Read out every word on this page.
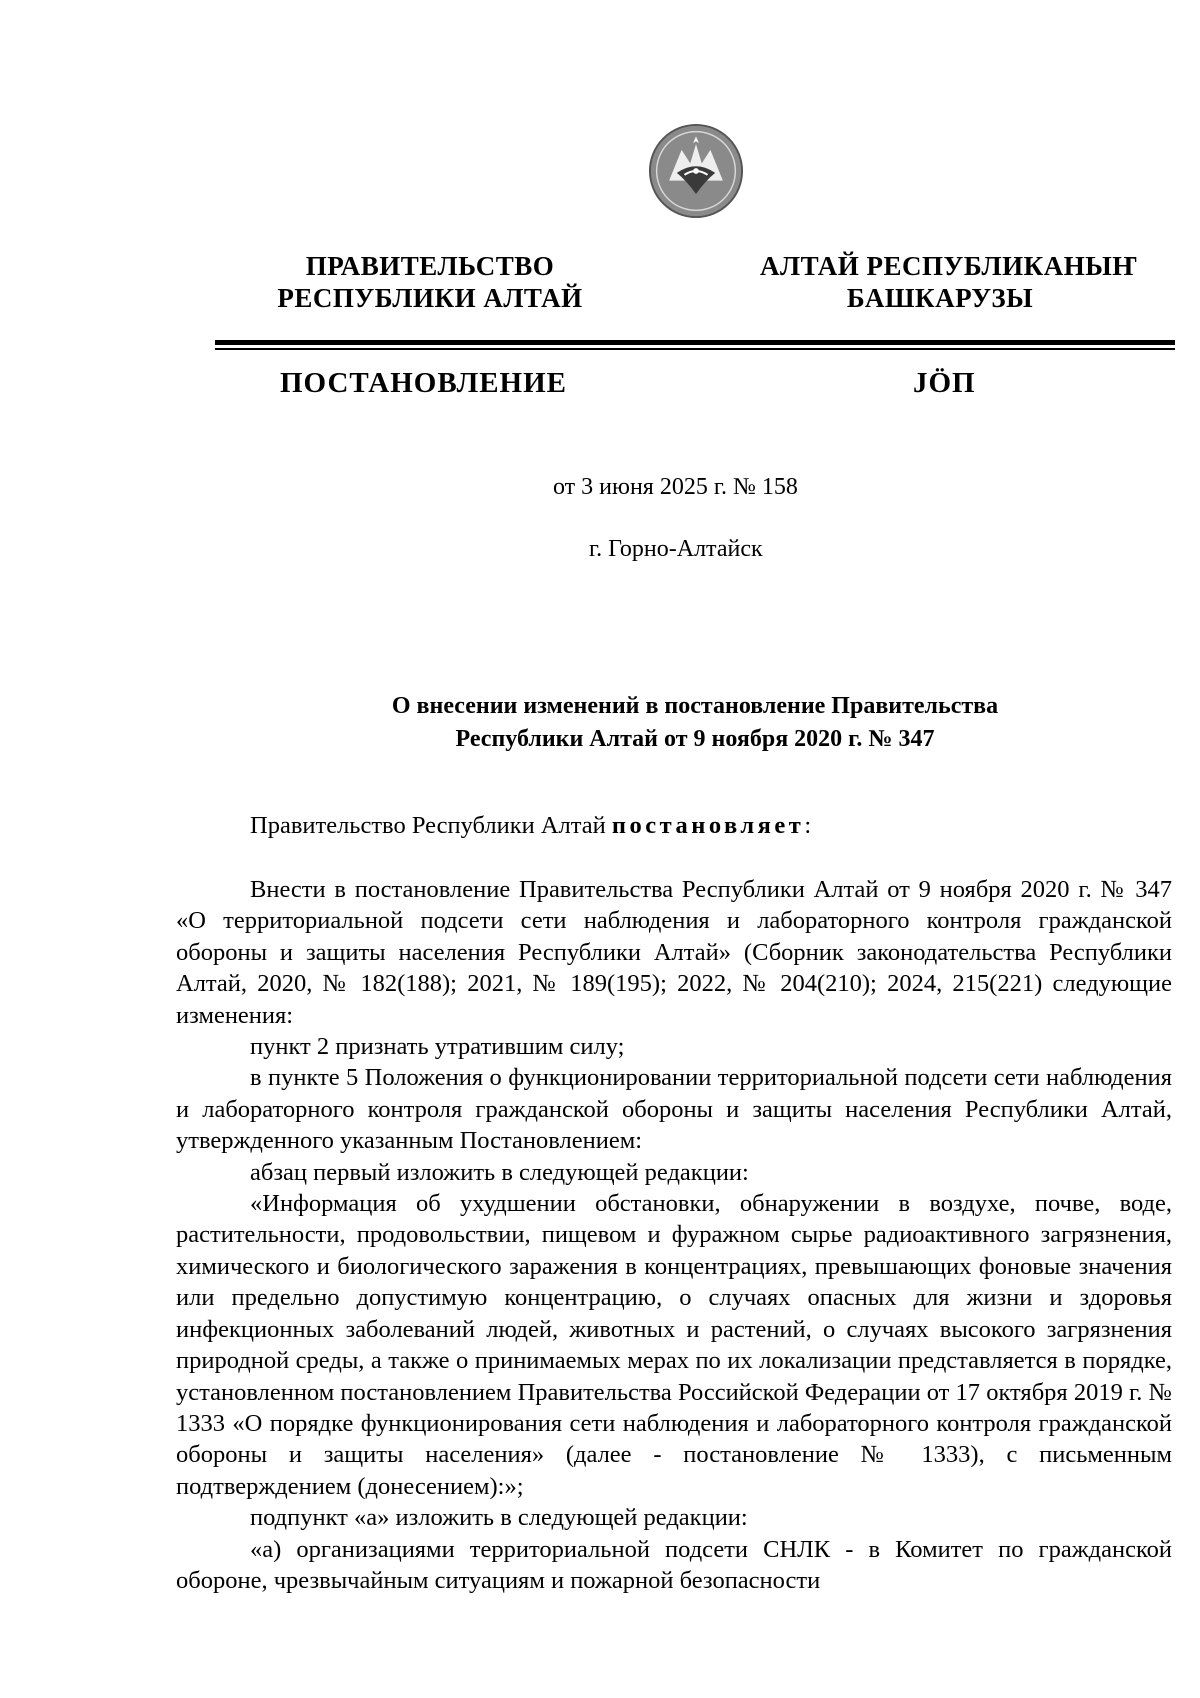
ПРАВИТЕЛЬСТВО
РЕСПУБЛИКИ АЛТАЙ
АЛТАЙ РЕСПУБЛИКАНЫҤ
БАШКАРУЗЫ
ПОСТАНОВЛЕНИЕ	JӦП
от 3 июня 2025 г. № 158
г. Горно-Алтайск
О внесении изменений в постановление Правительства
Республики Алтай от 9 ноября 2020 г. № 347
Правительство Республики Алтай постановляет:

Внести в постановление Правительства Республики Алтай от 9 ноября 2020 г. № 347 «О территориальной подсети сети наблюдения и лабораторного контроля гражданской обороны и защиты населения Республики Алтай» (Сборник законодательства Республики Алтай, 2020, № 182(188); 2021, № 189(195); 2022, № 204(210); 2024, 215(221) следующие изменения:

пункт 2 признать утратившим силу;

в пункте 5 Положения о функционировании территориальной подсети сети наблюдения и лабораторного контроля гражданской обороны и защиты населения Республики Алтай, утвержденного указанным Постановлением:

абзац первый изложить в следующей редакции:

«Информация об ухудшении обстановки, обнаружении в воздухе, почве, воде, растительности, продовольствии, пищевом и фуражном сырье радиоактивного загрязнения, химического и биологического заражения в концентрациях, превышающих фоновые значения или предельно допустимую концентрацию, о случаях опасных для жизни и здоровья инфекционных заболеваний людей, животных и растений, о случаях высокого загрязнения природной среды, а также о принимаемых мерах по их локализации представляется в порядке, установленном постановлением Правительства Российской Федерации от 17 октября 2019 г. № 1333 «О порядке функционирования сети наблюдения и лабораторного контроля гражданской обороны и защиты населения» (далее - постановление № 1333), с письменным подтверждением (донесением):»;

подпункт «а» изложить в следующей редакции:

«а) организациями территориальной подсети СНЛК - в Комитет по гражданской обороне, чрезвычайным ситуациям и пожарной безопасности
